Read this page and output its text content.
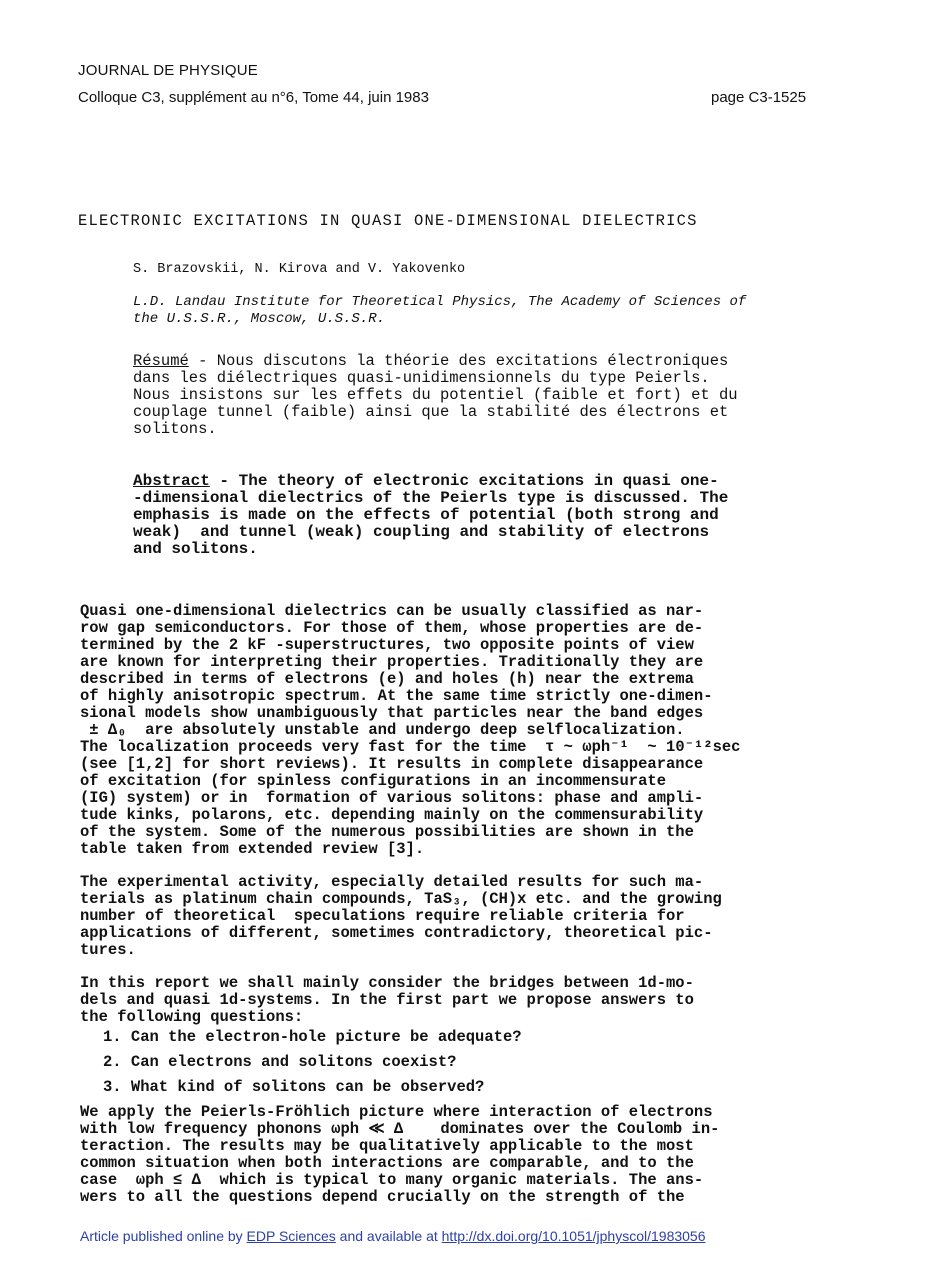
JOURNAL DE PHYSIQUE
Colloque C3, supplément au n°6, Tome 44, juin 1983	page C3-1525
ELECTRONIC EXCITATIONS IN QUASI ONE-DIMENSIONAL DIELECTRICS
S. Brazovskii, N. Kirova and V. Yakovenko
L.D. Landau Institute for Theoretical Physics, The Academy of Sciences of
the U.S.S.R., Moscow, U.S.S.R.
Résumé - Nous discutons la théorie des excitations électroniques
dans les diélectriques quasi-unidimensionnels du type Peierls.
Nous insistons sur les effets du potentiel (faible et fort) et du
couplage tunnel (faible) ainsi que la stabilité des électrons et
solitons.
Abstract - The theory of electronic excitations in quasi one-
-dimensional dielectrics of the Peierls type is discussed. The
emphasis is made on the effects of potential (both strong and
weak)  and tunnel (weak) coupling and stability of electrons
and solitons.
Quasi one-dimensional dielectrics can be usually classified as nar-
row gap semiconductors. For those of them, whose properties are de-
termined by the 2 kF -superstructures, two opposite points of view
are known for interpreting their properties. Traditionally they are
described in terms of electrons (e) and holes (h) near the extrema
of highly anisotropic spectrum. At the same time strictly one-dimen-
sional models show unambiguously that particles near the band edges
± Δ₀  are absolutely unstable and undergo deep selflocalization.
The localization proceeds very fast for the time  τ ~ ωph⁻¹  ~ 10⁻¹²sec
(see [1,2] for short reviews). It results in complete disappearance
of excitation (for spinless configurations in an incommensurate
(IG) system) or in  formation of various solitons: phase and ampli-
tude kinks, polarons, etc. depending mainly on the commensurability
of the system. Some of the numerous possibilities are shown in the
table taken from extended review [3].
The experimental activity, especially detailed results for such ma-
terials as platinum chain compounds, TaS₃, (CH)x etc. and the growing
number of theoretical  speculations require reliable criteria for
applications of different, sometimes contradictory, theoretical pic-
tures.
In this report we shall mainly consider the bridges between 1d-mo-
dels and quasi 1d-systems. In the first part we propose answers to
the following questions:
1. Can the electron-hole picture be adequate?
2. Can electrons and solitons coexist?
3. What kind of solitons can be observed?
We apply the Peierls-Fröhlich picture where interaction of electrons
with low frequency phonons ωph ≪ Δ    dominates over the Coulomb in-
teraction. The results may be qualitatively applicable to the most
common situation when both interactions are comparable, and to the
case  ωph ≤ Δ  which is typical to many organic materials. The ans-
wers to all the questions depend crucially on the strength of the
Article published online by EDP Sciences and available at http://dx.doi.org/10.1051/jphyscol/1983056
